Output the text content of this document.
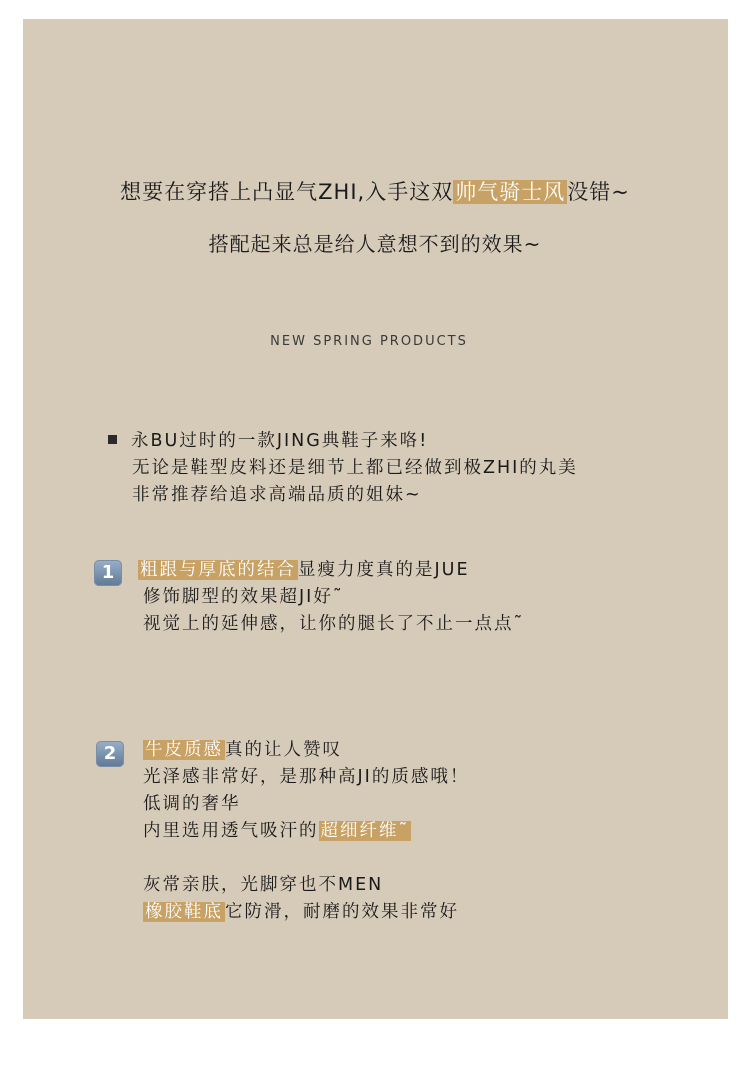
想要在穿搭上凸显气ZHI,入手这双帅气骑士风没错~
搭配起来总是给人意想不到的效果~
NEW SPRING PRODUCTS
永BU过时的一款JING典鞋子来咯!
无论是鞋型皮料还是细节上都已经做到极ZHI的丸美
非常推荐给追求高端品质的姐妹~
1	粗跟与厚底的结合 显瘦力度真的是JUE
修饰脚型的效果超JI好˜
视觉上的延伸感，让你的腿长了不止一点点˜
2	牛皮质感 真的让人赞叹
光泽感非常好，是那种高JI的质感哦！
低调的奢华
内里选用透气吸汗的 超细纤维˜
灰常亲肤，光脚穿也不MEN
橡胶鞋底 它防滑，耐磨的效果非常好
